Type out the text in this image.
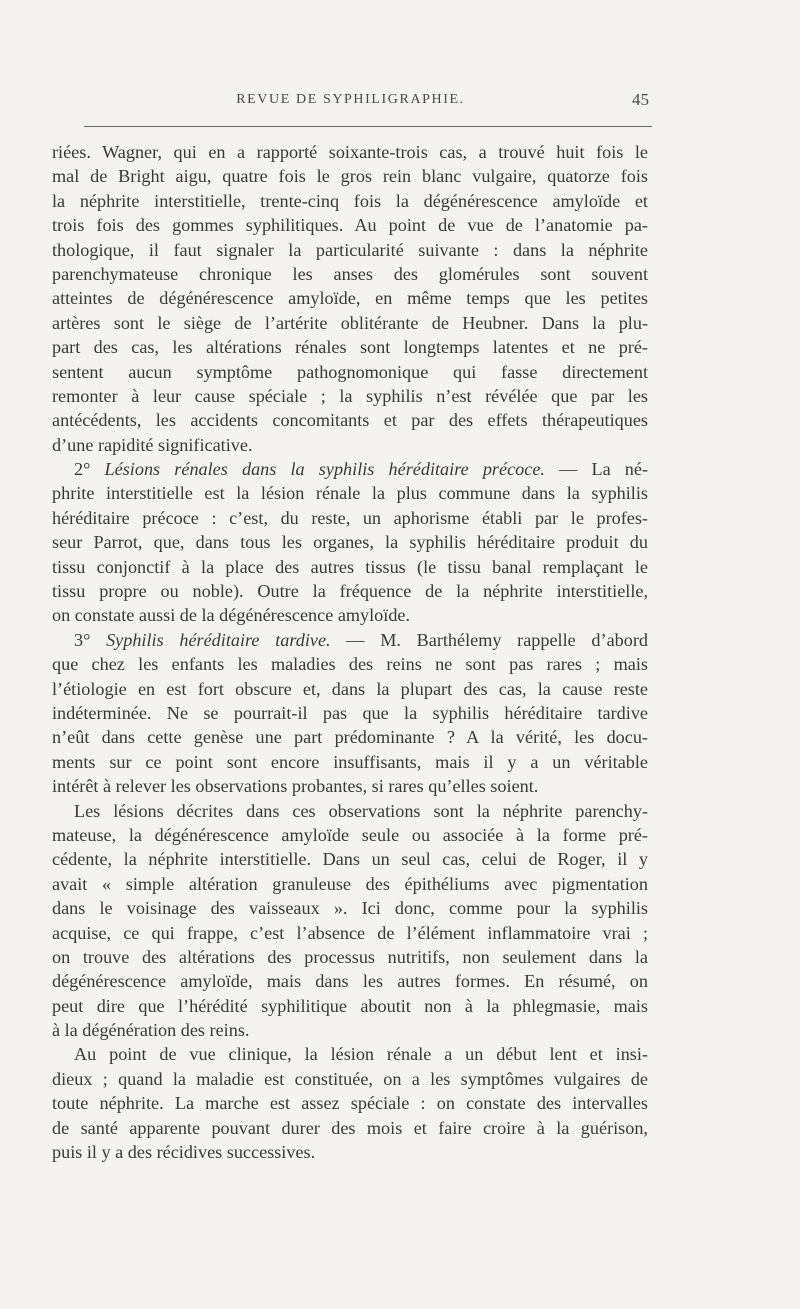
REVUE DE SYPHILIGRAPHIE.	45
riées. Wagner, qui en a rapporté soixante-trois cas, a trouvé huit fois le
mal de Bright aigu, quatre fois le gros rein blanc vulgaire, quatorze fois
la néphrite interstitielle, trente-cinq fois la dégénérescence amyloïde et
trois fois des gommes syphilitiques. Au point de vue de l’anatomie pa-
thologique, il faut signaler la particularité suivante : dans la néphrite
parenchymateuse chronique les anses des glomérules sont souvent
atteintes de dégénérescence amyloïde, en même temps que les petites
artères sont le siège de l’artérite oblitérante de Heubner. Dans la plu-
part des cas, les altérations rénales sont longtemps latentes et ne pré-
sentent aucun symptôme pathognomonique qui fasse directement
remonter à leur cause spéciale ; la syphilis n’est révélée que par les
antécédents, les accidents concomitants et par des effets thérapeutiques
d’une rapidité significative.
2° Lésions rénales dans la syphilis héréditaire précoce. — La né-
phrite interstitielle est la lésion rénale la plus commune dans la syphilis
héréditaire précoce : c’est, du reste, un aphorisme établi par le profes-
seur Parrot, que, dans tous les organes, la syphilis héréditaire produit du
tissu conjonctif à la place des autres tissus (le tissu banal remplaçant le
tissu propre ou noble). Outre la fréquence de la néphrite interstitielle,
on constate aussi de la dégénérescence amyloïde.
3° Syphilis héréditaire tardive. — M. Barthélemy rappelle d’abord
que chez les enfants les maladies des reins ne sont pas rares ; mais
l’étiologie en est fort obscure et, dans la plupart des cas, la cause reste
indéterminée. Ne se pourrait-il pas que la syphilis héréditaire tardive
n’eût dans cette genèse une part prédominante ? A la vérité, les docu-
ments sur ce point sont encore insuffisants, mais il y a un véritable
intérêt à relever les observations probantes, si rares qu’elles soient.
Les lésions décrites dans ces observations sont la néphrite parenchy-
mateuse, la dégénérescence amyloïde seule ou associée à la forme pré-
cédente, la néphrite interstitielle. Dans un seul cas, celui de Roger, il y
avait « simple altération granuleuse des épithéliums avec pigmentation
dans le voisinage des vaisseaux ». Ici donc, comme pour la syphilis
acquise, ce qui frappe, c’est l’absence de l’élément inflammatoire vrai ;
on trouve des altérations des processus nutritifs, non seulement dans la
dégénérescence amyloïde, mais dans les autres formes. En résumé, on
peut dire que l’hérédité syphilitique aboutit non à la phlegmasie, mais
à la dégénération des reins.
Au point de vue clinique, la lésion rénale a un début lent et insi-
dieux ; quand la maladie est constituée, on a les symptômes vulgaires de
toute néphrite. La marche est assez spéciale : on constate des intervalles
de santé apparente pouvant durer des mois et faire croire à la guérison,
puis il y a des récidives successives.
